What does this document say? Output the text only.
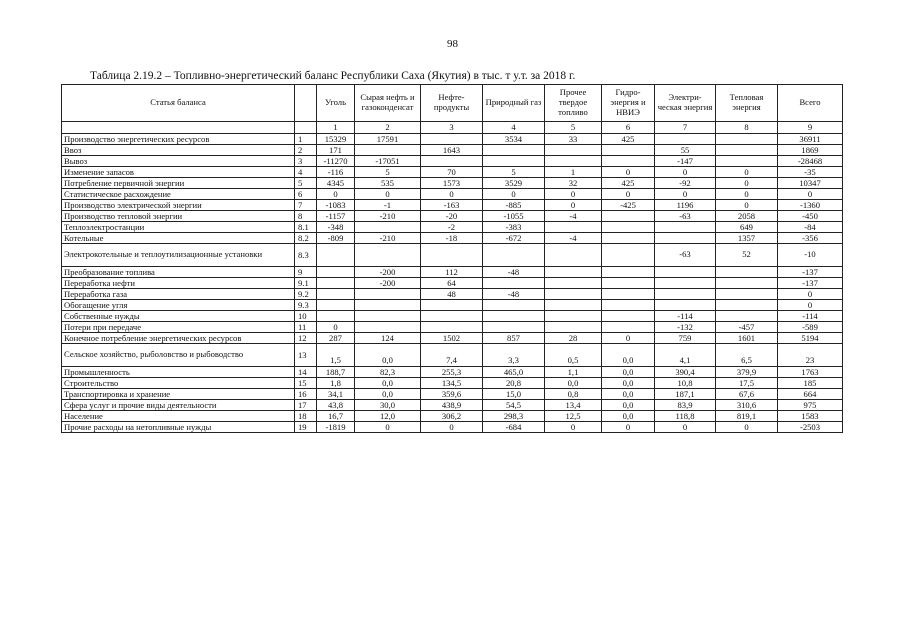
98
Таблица 2.19.2 – Топливно-энергетический баланс Республики Саха (Якутия) в тыс. т у.т. за 2018 г.
Статья баланса		Уголь	Сырая нефть и газоконденсат	Нефте-продукты	Природный газ	Прочее твердое топливо	Гидро-энергия и НВИЭ	Электри-ческая энергия	Тепловая энергия	Всего
		1	2	3	4	5	6	7	8	9
Производство энергетических ресурсов	1	15329	17591		3534	33	425			36911
Ввоз	2	171		1643				55		1869
Вывоз	3	-11270	-17051					-147		-28468
Изменение запасов	4	-116	5	70	5	1	0	0	0	-35
Потребление первичной энергии	5	4345	535	1573	3529	32	425	-92	0	10347
Статистическое расхождение	6	0	0	0	0	0	0	0	0	0
Производство электрической энергии	7	-1083	-1	-163	-885	0	-425	1196	0	-1360
Производство тепловой энергии	8	-1157	-210	-20	-1055	-4		-63	2058	-450
Теплоэлектростанции	8.1	-348		-2	-383				649	-84
Котельные	8.2	-809	-210	-18	-672	-4			1357	-356
Электрокотельные и теплоутилизационные установки	8.3							-63	52	-10
Преобразование топлива	9		-200	112	-48					-137
Переработка нефти	9.1		-200	64						-137
Переработка газа	9.2			48	-48					0
Обогащение угля	9.3									0
Собственные нужды	10							-114		-114
Потери при передаче	11	0						-132	-457	-589
Конечное потребление энергетических ресурсов	12	287	124	1502	857	28	0	759	1601	5194
Сельское хозяйство, рыболовство и рыбоводство	13	1,5	0,0	7,4	3,3	0,5	0,0	4,1	6,5	23
Промышленность	14	188,7	82,3	255,3	465,0	1,1	0,0	390,4	379,9	1763
Строительство	15	1,8	0,0	134,5	20,8	0,0	0,0	10,8	17,5	185
Транспортировка и хранение	16	34,1	0,0	359,6	15,0	0,8	0,0	187,1	67,6	664
Сфера услуг и прочие виды деятельности	17	43,8	30,0	438,9	54,5	13,4	0,0	83,9	310,6	975
Население	18	16,7	12,0	306,2	298,3	12,5	0,0	118,8	819,1	1583
Прочие расходы на нетопливные нужды	19	-1819	0	0	-684	0	0	0	0	-2503
